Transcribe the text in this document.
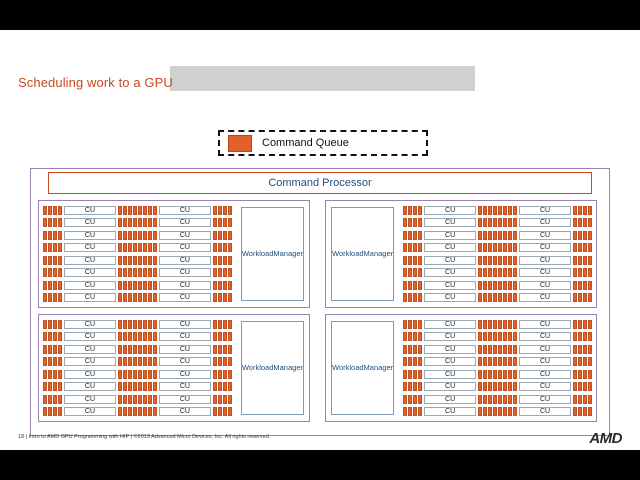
Scheduling work to a GPU
Command Queue
Command Processor
CU	CU
CU	CU
CU	CU
CU	CU
CU	CU
CU	CU
CU	CU
CU	CU
Workload Manager	Workload Manager
CU	CU
CU	CU
CU	CU
CU	CU
CU	CU
CU	CU
CU	CU
CU	CU
CU	CU
CU	CU
CU	CU
CU	CU
CU	CU
CU	CU
CU	CU
CU	CU
Workload Manager	Workload Manager
CU	CU
CU	CU
CU	CU
CU	CU
CU	CU
CU	CU
CU	CU
CU	CU
18 | Intro to AMD GPU Programming with HIP | ©2019 Advanced Micro Devices, Inc. All rights reserved.	AMD
